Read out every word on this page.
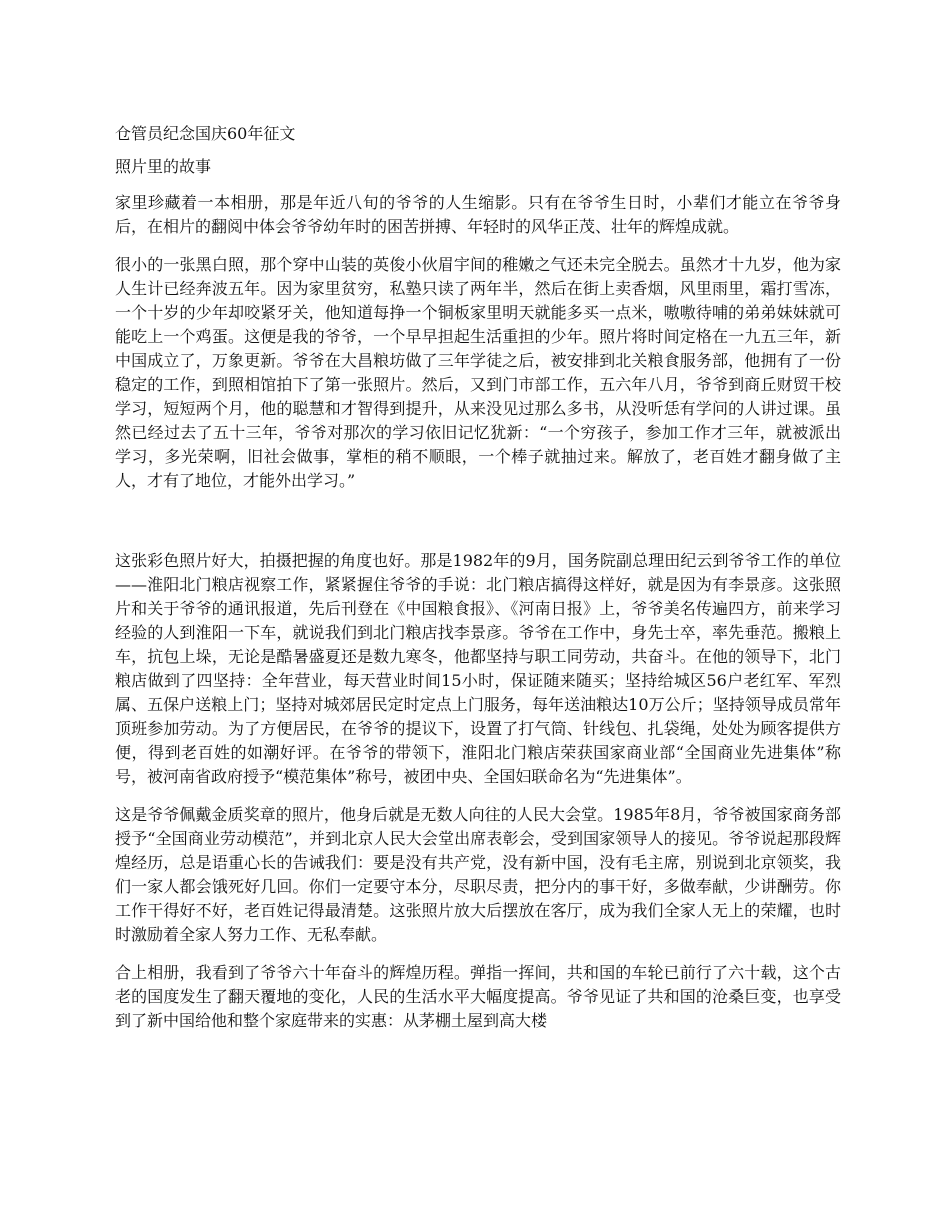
仓管员纪念国庆60年征文
照片里的故事

家里珍藏着一本相册，那是年近八旬的爷爷的人生缩影。只有在爷爷生日时，小辈们才能立在爷爷身后，在相片的翻阅中体会爷爷幼年时的困苦拼搏、年轻时的风华正茂、壮年的辉煌成就。

很小的一张黑白照，那个穿中山装的英俊小伙眉宇间的稚嫩之气还未完全脱去。虽然才十九岁，他为家人生计已经奔波五年。因为家里贫穷，私塾只读了两年半，然后在街上卖香烟，风里雨里，霜打雪冻，一个十岁的少年却咬紧牙关，他知道每挣一个铜板家里明天就能多买一点米，嗷嗷待哺的弟弟妹妹就可能吃上一个鸡蛋。这便是我的爷爷，一个早早担起生活重担的少年。照片将时间定格在一九五三年，新中国成立了，万象更新。爷爷在大昌粮坊做了三年学徒之后，被安排到北关粮食服务部，他拥有了一份稳定的工作，到照相馆拍下了第一张照片。然后，又到门市部工作，五六年八月，爷爷到商丘财贸干校学习，短短两个月，他的聪慧和才智得到提升，从来没见过那么多书，从没听恁有学问的人讲过课。虽然已经过去了五十三年，爷爷对那次的学习依旧记忆犹新：“一个穷孩子，参加工作才三年，就被派出学习，多光荣啊，旧社会做事，掌柜的稍不顺眼，一个棒子就抽过来。解放了，老百姓才翻身做了主人，才有了地位，才能外出学习。”

这张彩色照片好大，拍摄把握的角度也好。那是1982年的9月，国务院副总理田纪云到爷爷工作的单位——淮阳北门粮店视察工作，紧紧握住爷爷的手说：北门粮店搞得这样好，就是因为有李景彦。这张照片和关于爷爷的通讯报道，先后刊登在《中国粮食报》、《河南日报》上，爷爷美名传遍四方，前来学习经验的人到淮阳一下车，就说我们到北门粮店找李景彦。爷爷在工作中，身先士卒，率先垂范。搬粮上车，抗包上垛，无论是酷暑盛夏还是数九寒冬，他都坚持与职工同劳动，共奋斗。在他的领导下，北门粮店做到了四坚持：全年营业，每天营业时间15小时，保证随来随买；坚持给城区56户老红军、军烈属、五保户送粮上门；坚持对城郊居民定时定点上门服务，每年送油粮达10万公斤；坚持领导成员常年顶班参加劳动。为了方便居民，在爷爷的提议下，设置了打气筒、针线包、扎袋绳，处处为顾客提供方便，得到老百姓的如潮好评。在爷爷的带领下，淮阳北门粮店荣获国家商业部“全国商业先进集体”称号，被河南省政府授予“模范集体”称号，被团中央、全国妇联命名为“先进集体”。

这是爷爷佩戴金质奖章的照片，他身后就是无数人向往的人民大会堂。1985年8月，爷爷被国家商务部授予“全国商业劳动模范”，并到北京人民大会堂出席表彰会，受到国家领导人的接见。爷爷说起那段辉煌经历，总是语重心长的告诫我们：要是没有共产党，没有新中国，没有毛主席，别说到北京领奖，我们一家人都会饿死好几回。你们一定要守本分，尽职尽责，把分内的事干好，多做奉献，少讲酬劳。你工作干得好不好，老百姓记得最清楚。这张照片放大后摆放在客厅，成为我们全家人无上的荣耀，也时时激励着全家人努力工作、无私奉献。

合上相册，我看到了爷爷六十年奋斗的辉煌历程。弹指一挥间，共和国的车轮已前行了六十载，这个古老的国度发生了翻天覆地的变化，人民的生活水平大幅度提高。爷爷见证了共和国的沧桑巨变，也享受到了新中国给他和整个家庭带来的实惠：从茅棚土屋到高大楼
